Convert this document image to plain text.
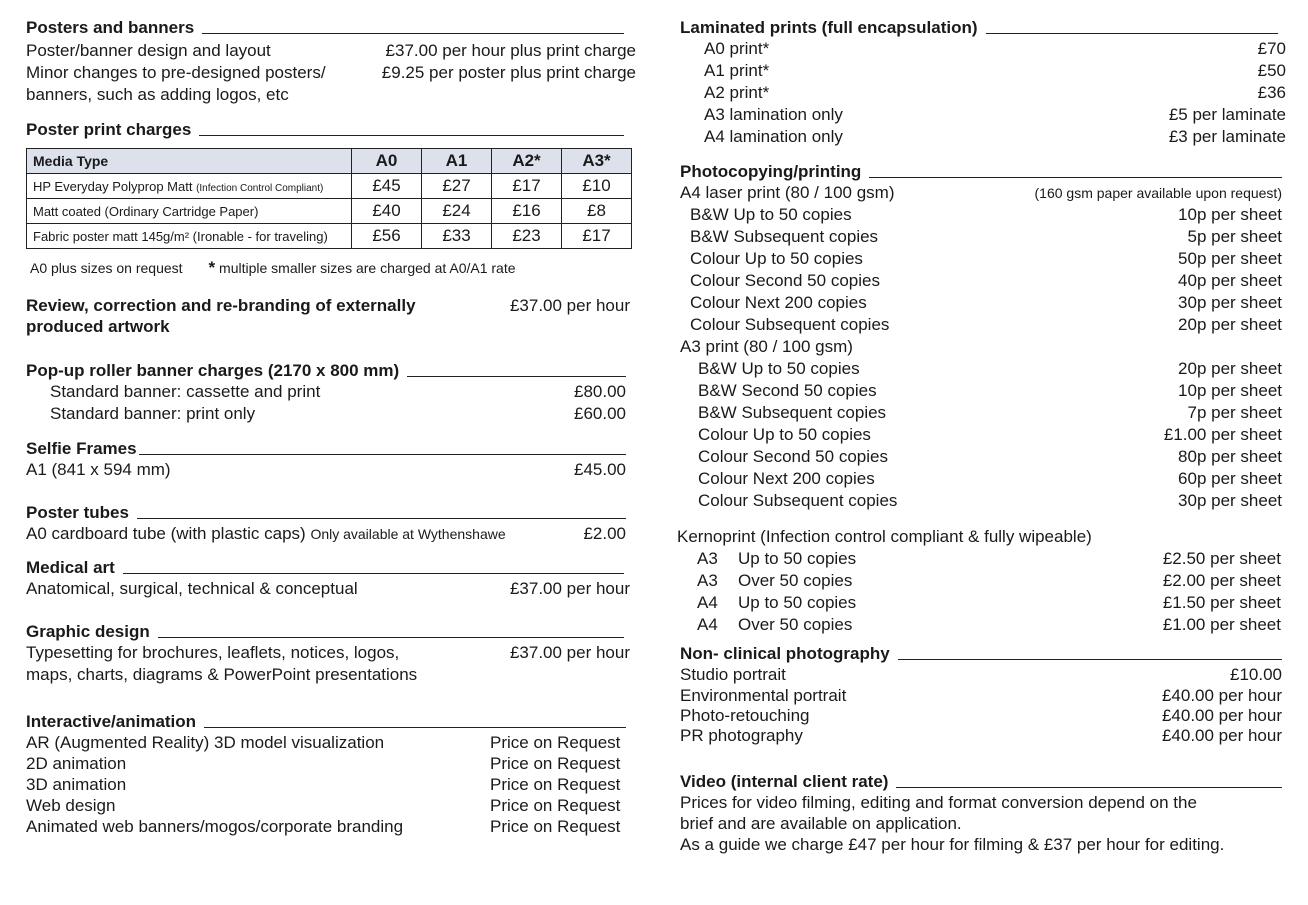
Posters and banners
Poster/banner design and layout	£37.00 per hour plus print charge
Minor changes to pre-designed posters/	£9.25 per poster plus print charge
banners, such as adding logos, etc
Poster print charges
Media Type	A0	A1	A2*	A3*
HP Everyday Polyprop Matt (Infection Control Compliant)	£45	£27	£17	£10
Matt coated (Ordinary Cartridge Paper)	£40	£24	£16	£8
Fabric poster matt 145g/m² (Ironable - for traveling)	£56	£33	£23	£17
A0 plus sizes on request * multiple smaller sizes are charged at A0/A1 rate
Review, correction and re-branding of externally
produced artwork
£37.00 per hour
Pop-up roller banner charges (2170 x 800 mm)
Standard banner: cassette and print	£80.00
Standard banner: print only	£60.00
Selfie Frames
A1 (841 x 594 mm)	£45.00
Poster tubes
A0 cardboard tube (with plastic caps) Only available at Wythenshawe	£2.00
Medical art
Anatomical, surgical, technical & conceptual	£37.00 per hour
Graphic design
Typesetting for brochures, leaflets, notices, logos,	£37.00 per hour
maps, charts, diagrams & PowerPoint presentations
Interactive/animation
AR (Augmented Reality) 3D model visualization	Price on Request
2D animation	Price on Request
3D animation	Price on Request
Web design	Price on Request
Animated web banners/mogos/corporate branding	Price on Request
Laminated prints (full encapsulation)
A0 print*	£70
A1 print*	£50
A2 print*	£36
A3 lamination only	£5 per laminate
A4 lamination only	£3 per laminate
Photocopying/printing
A4 laser print (80 / 100 gsm)	(160 gsm paper available upon request)
B&W Up to 50 copies	10p per sheet
B&W Subsequent copies	5p per sheet
Colour Up to 50 copies	50p per sheet
Colour Second 50 copies	40p per sheet
Colour Next 200 copies	30p per sheet
Colour Subsequent copies	20p per sheet
A3 print (80 / 100 gsm)
B&W Up to 50 copies	20p per sheet
B&W Second 50 copies	10p per sheet
B&W Subsequent copies	7p per sheet
Colour Up to 50 copies	£1.00 per sheet
Colour Second 50 copies	80p per sheet
Colour Next 200 copies	60p per sheet
Colour Subsequent copies	30p per sheet
Kernoprint (Infection control compliant & fully wipeable)
A3 Up to 50 copies	£2.50 per sheet
A3 Over 50 copies	£2.00 per sheet
A4 Up to 50 copies	£1.50 per sheet
A4 Over 50 copies	£1.00 per sheet
Non- clinical photography
Studio portrait	£10.00
Environmental portrait	£40.00 per hour
Photo-retouching	£40.00 per hour
PR photography	£40.00 per hour
Video (internal client rate)
Prices for video filming, editing and format conversion depend on the
brief and are available on application.
As a guide we charge £47 per hour for filming & £37 per hour for editing.
